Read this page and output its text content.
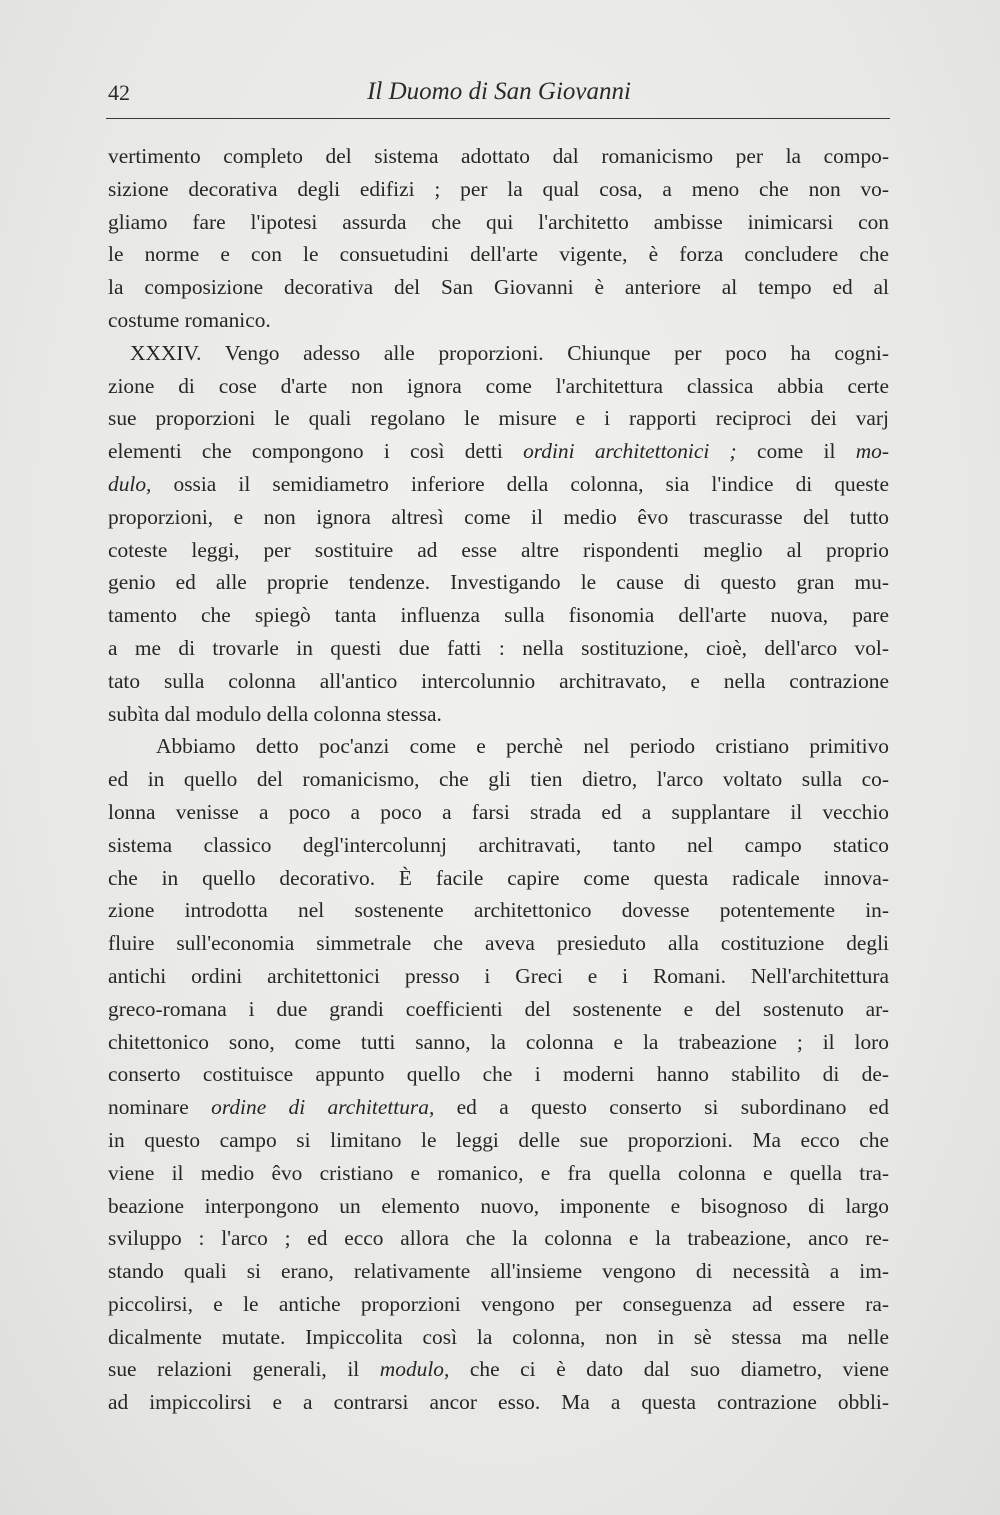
42	Il Duomo di San Giovanni
vertimento completo del sistema adottato dal romanicismo per la compo-
sizione decorativa degli edifizi ; per la qual cosa, a meno che non vo-
gliamo fare l'ipotesi assurda che qui l'architetto ambisse inimicarsi con
le norme e con le consuetudini dell'arte vigente, è forza concludere che
la composizione decorativa del San Giovanni è anteriore al tempo ed al
costume romanico.
XXXIV. Vengo adesso alle proporzioni. Chiunque per poco ha cogni-
zione di cose d'arte non ignora come l'architettura classica abbia certe
sue proporzioni le quali regolano le misure e i rapporti reciproci dei varj
elementi che compongono i così detti ordini architettonici ; come il mo-
dulo, ossia il semidiametro inferiore della colonna, sia l'indice di queste
proporzioni, e non ignora altresì come il medio êvo trascurasse del tutto
coteste leggi, per sostituire ad esse altre rispondenti meglio al proprio
genio ed alle proprie tendenze. Investigando le cause di questo gran mu-
tamento che spiegò tanta influenza sulla fisonomia dell'arte nuova, pare
a me di trovarle in questi due fatti : nella sostituzione, cioè, dell'arco vol-
tato sulla colonna all'antico intercolunnio architravato, e nella contrazione
subìta dal modulo della colonna stessa.
Abbiamo detto poc'anzi come e perchè nel periodo cristiano primitivo
ed in quello del romanicismo, che gli tien dietro, l'arco voltato sulla co-
lonna venisse a poco a poco a farsi strada ed a supplantare il vecchio
sistema classico degl'intercolunnj architravati, tanto nel campo statico
che in quello decorativo. È facile capire come questa radicale innova-
zione introdotta nel sostenente architettonico dovesse potentemente in-
fluire sull'economia simmetrale che aveva presieduto alla costituzione degli
antichi ordini architettonici presso i Greci e i Romani. Nell'architettura
greco-romana i due grandi coefficienti del sostenente e del sostenuto ar-
chitettonico sono, come tutti sanno, la colonna e la trabeazione ; il loro
conserto costituisce appunto quello che i moderni hanno stabilito di de-
nominare ordine di architettura, ed a questo conserto si subordinano ed
in questo campo si limitano le leggi delle sue proporzioni. Ma ecco che
viene il medio êvo cristiano e romanico, e fra quella colonna e quella tra-
beazione interpongono un elemento nuovo, imponente e bisognoso di largo
sviluppo : l'arco ; ed ecco allora che la colonna e la trabeazione, anco re-
stando quali si erano, relativamente all'insieme vengono di necessità a im-
piccolirsi, e le antiche proporzioni vengono per conseguenza ad essere ra-
dicalmente mutate. Impiccolita così la colonna, non in sè stessa ma nelle
sue relazioni generali, il modulo, che ci è dato dal suo diametro, viene
ad impiccolirsi e a contrarsi ancor esso. Ma a questa contrazione obbli-
